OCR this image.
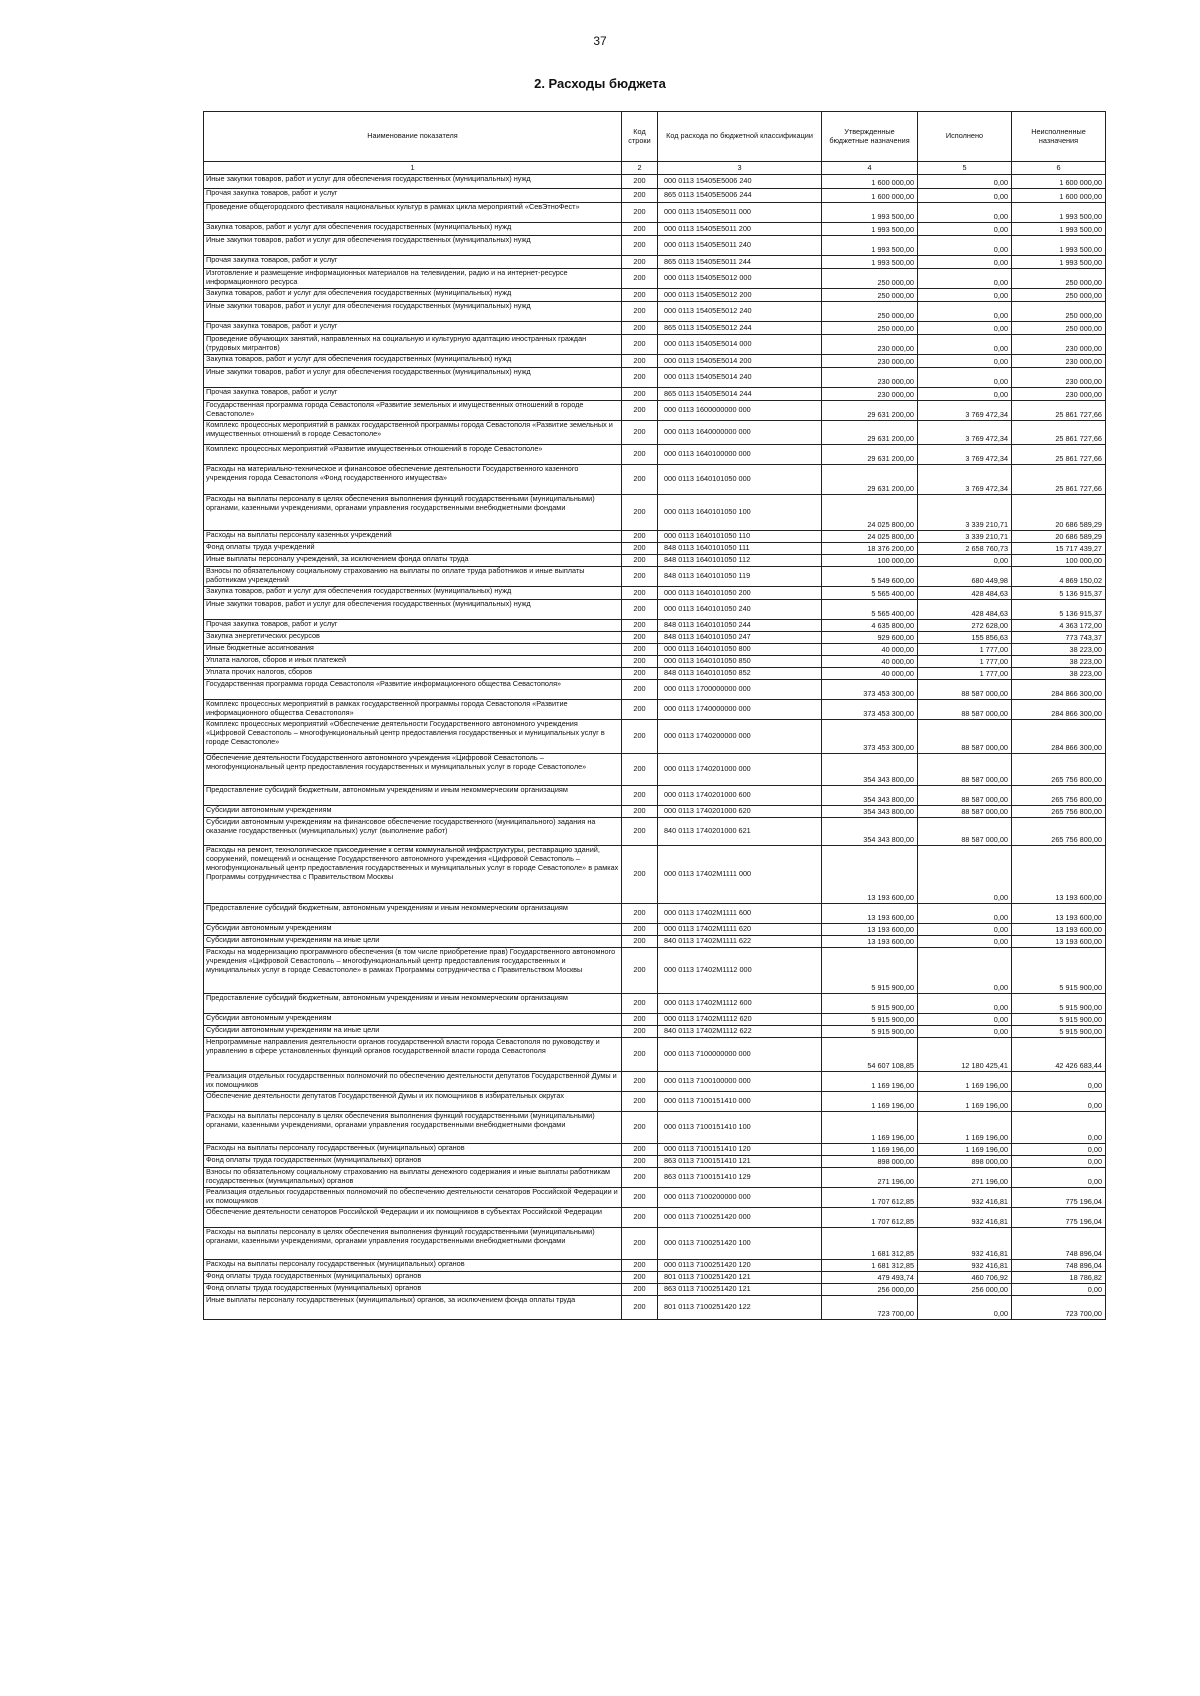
37
2. Расходы бюджета
Наименование показателя	Код строки	Код расхода по бюджетной классификации	Утвержденные бюджетные назначения	Исполнено	Неисполненные назначения
1	2	3	4	5	6
Иные закупки товаров, работ и услуг для обеспечения государственных (муниципальных) нужд	200	000 0113 15405E5006 240	1 600 000,00	0,00	1 600 000,00
Прочая закупка товаров, работ и услуг	200	865 0113 15405E5006 244	1 600 000,00	0,00	1 600 000,00
Проведение общегородского фестиваля национальных культур в рамках цикла мероприятий «СевЭтноФест»	200	000 0113 15405E5011 000	1 993 500,00	0,00	1 993 500,00
Закупка товаров, работ и услуг для обеспечения государственных (муниципальных) нужд	200	000 0113 15405E5011 200	1 993 500,00	0,00	1 993 500,00
Иные закупки товаров, работ и услуг для обеспечения государственных (муниципальных) нужд	200	000 0113 15405E5011 240	1 993 500,00	0,00	1 993 500,00
Прочая закупка товаров, работ и услуг	200	865 0113 15405E5011 244	1 993 500,00	0,00	1 993 500,00
Изготовление и размещение информационных материалов на телевидении, радио и на интернет-ресурсе информационного ресурса	200	000 0113 15405E5012 000	250 000,00	0,00	250 000,00
Закупка товаров, работ и услуг для обеспечения государственных (муниципальных) нужд	200	000 0113 15405E5012 200	250 000,00	0,00	250 000,00
Иные закупки товаров, работ и услуг для обеспечения государственных (муниципальных) нужд	200	000 0113 15405E5012 240	250 000,00	0,00	250 000,00
Прочая закупка товаров, работ и услуг	200	865 0113 15405E5012 244	250 000,00	0,00	250 000,00
Проведение обучающих занятий, направленных на социальную и культурную адаптацию иностранных граждан (трудовых мигрантов)	200	000 0113 15405E5014 000	230 000,00	0,00	230 000,00
Закупка товаров, работ и услуг для обеспечения государственных (муниципальных) нужд	200	000 0113 15405E5014 200	230 000,00	0,00	230 000,00
Иные закупки товаров, работ и услуг для обеспечения государственных (муниципальных) нужд	200	000 0113 15405E5014 240	230 000,00	0,00	230 000,00
Прочая закупка товаров, работ и услуг	200	865 0113 15405E5014 244	230 000,00	0,00	230 000,00
Государственная программа города Севастополя «Развитие земельных и имущественных отношений в городе Севастополе»	200	000 0113 1600000000 000	29 631 200,00	3 769 472,34	25 861 727,66
Комплекс процессных мероприятий в рамках государственной программы города Севастополя «Развитие земельных и имущественных отношений в городе Севастополе»	200	000 0113 1640000000 000	29 631 200,00	3 769 472,34	25 861 727,66
Комплекс процессных мероприятий «Развитие имущественных отношений в городе Севастополе»	200	000 0113 1640100000 000	29 631 200,00	3 769 472,34	25 861 727,66
Расходы на материально-техническое и финансовое обеспечение деятельности Государственного казенного учреждения города Севастополя «Фонд государственного имущества»	200	000 0113 1640101050 000	29 631 200,00	3 769 472,34	25 861 727,66
Расходы на выплаты персоналу в целях обеспечения выполнения функций государственными (муниципальными) органами, казенными учреждениями, органами управления государственными внебюджетными фондами	200	000 0113 1640101050 100	24 025 800,00	3 339 210,71	20 686 589,29
Расходы на выплаты персоналу казенных учреждений	200	000 0113 1640101050 110	24 025 800,00	3 339 210,71	20 686 589,29
Фонд оплаты труда учреждений	200	848 0113 1640101050 111	18 376 200,00	2 658 760,73	15 717 439,27
Иные выплаты персоналу учреждений, за исключением фонда оплаты труда	200	848 0113 1640101050 112	100 000,00	0,00	100 000,00
Взносы по обязательному социальному страхованию на выплаты по оплате труда работников и иные выплаты работникам учреждений	200	848 0113 1640101050 119	5 549 600,00	680 449,98	4 869 150,02
Закупка товаров, работ и услуг для обеспечения государственных (муниципальных) нужд	200	000 0113 1640101050 200	5 565 400,00	428 484,63	5 136 915,37
Иные закупки товаров, работ и услуг для обеспечения государственных (муниципальных) нужд	200	000 0113 1640101050 240	5 565 400,00	428 484,63	5 136 915,37
Прочая закупка товаров, работ и услуг	200	848 0113 1640101050 244	4 635 800,00	272 628,00	4 363 172,00
Закупка энергетических ресурсов	200	848 0113 1640101050 247	929 600,00	155 856,63	773 743,37
Иные бюджетные ассигнования	200	000 0113 1640101050 800	40 000,00	1 777,00	38 223,00
Уплата налогов, сборов и иных платежей	200	000 0113 1640101050 850	40 000,00	1 777,00	38 223,00
Уплата прочих налогов, сборов	200	848 0113 1640101050 852	40 000,00	1 777,00	38 223,00
Государственная программа города Севастополя «Развитие информационного общества Севастополя»	200	000 0113 1700000000 000	373 453 300,00	88 587 000,00	284 866 300,00
Комплекс процессных мероприятий в рамках государственной программы города Севастополя «Развитие информационного общества Севастополя»	200	000 0113 1740000000 000	373 453 300,00	88 587 000,00	284 866 300,00
Комплекс процессных мероприятий «Обеспечение деятельности Государственного автономного учреждения «Цифровой Севастополь – многофункциональный центр предоставления государственных и муниципальных услуг в городе Севастополе»	200	000 0113 1740200000 000	373 453 300,00	88 587 000,00	284 866 300,00
Обеспечение деятельности Государственного автономного учреждения «Цифровой Севастополь – многофункциональный центр предоставления государственных и муниципальных услуг в городе Севастополе»	200	000 0113 1740201000 000	354 343 800,00	88 587 000,00	265 756 800,00
Предоставление субсидий бюджетным, автономным учреждениям и иным некоммерческим организациям	200	000 0113 1740201000 600	354 343 800,00	88 587 000,00	265 756 800,00
Субсидии автономным учреждениям	200	000 0113 1740201000 620	354 343 800,00	88 587 000,00	265 756 800,00
Субсидии автономным учреждениям на финансовое обеспечение государственного (муниципального) задания на оказание государственных (муниципальных) услуг (выполнение работ)	200	840 0113 1740201000 621	354 343 800,00	88 587 000,00	265 756 800,00
Расходы на ремонт, технологическое присоединение к сетям коммунальной инфраструктуры, реставрацию зданий, сооружений, помещений и оснащение Государственного автономного учреждения «Цифровой Севастополь – многофункциональный центр предоставления государственных и муниципальных услуг в городе Севастополе» в рамках Программы сотрудничества с Правительством Москвы	200	000 0113 17402M1111 000	13 193 600,00	0,00	13 193 600,00
Предоставление субсидий бюджетным, автономным учреждениям и иным некоммерческим организациям	200	000 0113 17402M1111 600	13 193 600,00	0,00	13 193 600,00
Субсидии автономным учреждениям	200	000 0113 17402M1111 620	13 193 600,00	0,00	13 193 600,00
Субсидии автономным учреждениям на иные цели	200	840 0113 17402M1111 622	13 193 600,00	0,00	13 193 600,00
Расходы на модернизацию программного обеспечения (в том числе приобретение прав) Государственного автономного учреждения «Цифровой Севастополь – многофункциональный центр предоставления государственных и муниципальных услуг в городе Севастополе» в рамках Программы сотрудничества с Правительством Москвы	200	000 0113 17402M1112 000	5 915 900,00	0,00	5 915 900,00
Предоставление субсидий бюджетным, автономным учреждениям и иным некоммерческим организациям	200	000 0113 17402M1112 600	5 915 900,00	0,00	5 915 900,00
Субсидии автономным учреждениям	200	000 0113 17402M1112 620	5 915 900,00	0,00	5 915 900,00
Субсидии автономным учреждениям на иные цели	200	840 0113 17402M1112 622	5 915 900,00	0,00	5 915 900,00
Непрограммные направления деятельности органов государственной власти города Севастополя по руководству и управлению в сфере установленных функций органов государственной власти города Севастополя	200	000 0113 7100000000 000	54 607 108,85	12 180 425,41	42 426 683,44
Реализация отдельных государственных полномочий по обеспечению деятельности депутатов Государственной Думы и их помощников	200	000 0113 7100100000 000	1 169 196,00	1 169 196,00	0,00
Обеспечение деятельности депутатов Государственной Думы и их помощников в избирательных округах	200	000 0113 7100151410 000	1 169 196,00	1 169 196,00	0,00
Расходы на выплаты персоналу в целях обеспечения выполнения функций государственными (муниципальными) органами, казенными учреждениями, органами управления государственными внебюджетными фондами	200	000 0113 7100151410 100	1 169 196,00	1 169 196,00	0,00
Расходы на выплаты персоналу государственных (муниципальных) органов	200	000 0113 7100151410 120	1 169 196,00	1 169 196,00	0,00
Фонд оплаты труда государственных (муниципальных) органов	200	863 0113 7100151410 121	898 000,00	898 000,00	0,00
Взносы по обязательному социальному страхованию на выплаты денежного содержания и иные выплаты работникам государственных (муниципальных) органов	200	863 0113 7100151410 129	271 196,00	271 196,00	0,00
Реализация отдельных государственных полномочий по обеспечению деятельности сенаторов Российской Федерации и их помощников	200	000 0113 7100200000 000	1 707 612,85	932 416,81	775 196,04
Обеспечение деятельности сенаторов Российской Федерации и их помощников в субъектах Российской Федерации	200	000 0113 7100251420 000	1 707 612,85	932 416,81	775 196,04
Расходы на выплаты персоналу в целях обеспечения выполнения функций государственными (муниципальными) органами, казенными учреждениями, органами управления государственными внебюджетными фондами	200	000 0113 7100251420 100	1 681 312,85	932 416,81	748 896,04
Расходы на выплаты персоналу государственных (муниципальных) органов	200	000 0113 7100251420 120	1 681 312,85	932 416,81	748 896,04
Фонд оплаты труда государственных (муниципальных) органов	200	801 0113 7100251420 121	479 493,74	460 706,92	18 786,82
Фонд оплаты труда государственных (муниципальных) органов	200	863 0113 7100251420 121	256 000,00	256 000,00	0,00
Иные выплаты персоналу государственных (муниципальных) органов, за исключением фонда оплаты труда	200	801 0113 7100251420 122	723 700,00	0,00	723 700,00
